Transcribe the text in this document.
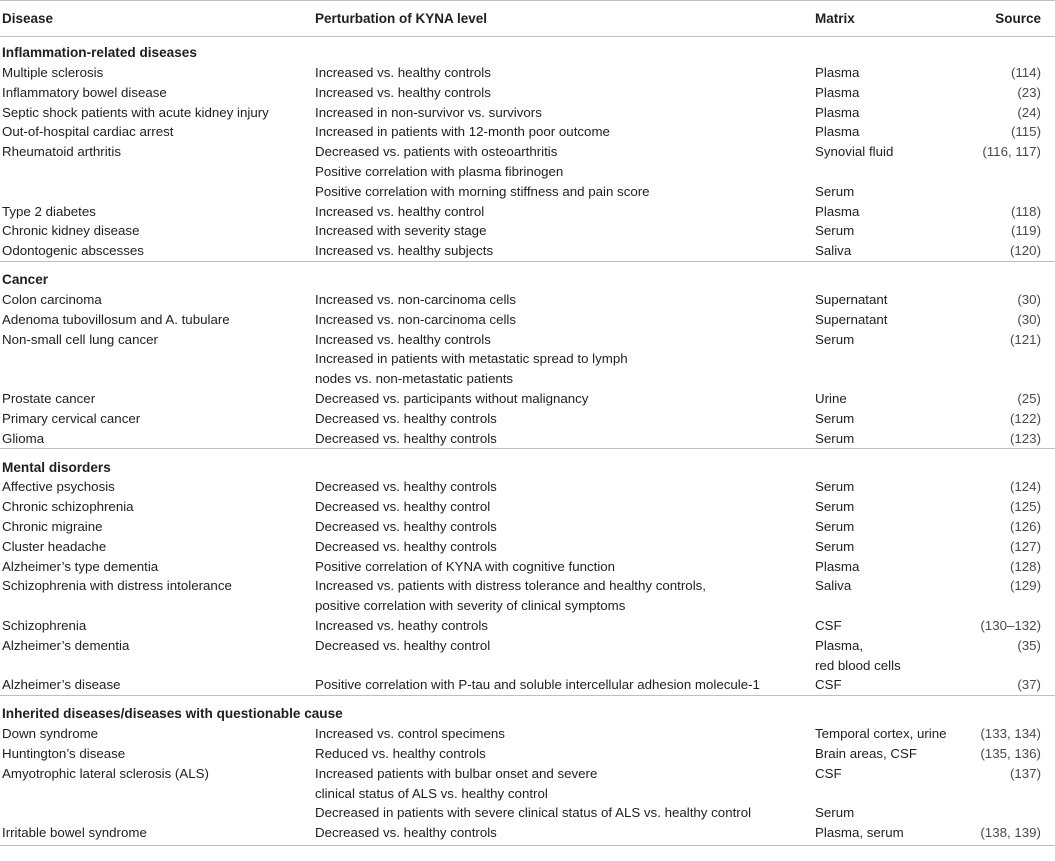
Disease	Perturbation of KYNA level	Matrix	Source
Inflammation-related diseases			
Multiple sclerosis	Increased vs. healthy controls	Plasma	(114)
Inflammatory bowel disease	Increased vs. healthy controls	Plasma	(23)
Septic shock patients with acute kidney injury	Increased in non-survivor vs. survivors	Plasma	(24)
Out-of-hospital cardiac arrest	Increased in patients with 12-month poor outcome	Plasma	(115)
Rheumatoid arthritis	Decreased vs. patients with osteoarthritis	Synovial fluid	(116, 117)
	Positive correlation with plasma fibrinogen		
	Positive correlation with morning stiffness and pain score	Serum	
Type 2 diabetes	Increased vs. healthy control	Plasma	(118)
Chronic kidney disease	Increased with severity stage	Serum	(119)
Odontogenic abscesses	Increased vs. healthy subjects	Saliva	(120)
Cancer			
Colon carcinoma	Increased vs. non-carcinoma cells	Supernatant	(30)
Adenoma tubovillosum and A. tubulare	Increased vs. non-carcinoma cells	Supernatant	(30)
Non-small cell lung cancer	Increased vs. healthy controls	Serum	(121)
	Increased in patients with metastatic spread to lymph		
	nodes vs. non-metastatic patients		
Prostate cancer	Decreased vs. participants without malignancy	Urine	(25)
Primary cervical cancer	Decreased vs. healthy controls	Serum	(122)
Glioma	Decreased vs. healthy controls	Serum	(123)
Mental disorders			
Affective psychosis	Decreased vs. healthy controls	Serum	(124)
Chronic schizophrenia	Decreased vs. healthy control	Serum	(125)
Chronic migraine	Decreased vs. healthy controls	Serum	(126)
Cluster headache	Decreased vs. healthy controls	Serum	(127)
Alzheimer’s type dementia	Positive correlation of KYNA with cognitive function	Plasma	(128)
Schizophrenia with distress intolerance	Increased vs. patients with distress tolerance and healthy controls,	Saliva	(129)
	positive correlation with severity of clinical symptoms		
Schizophrenia	Increased vs. heathy controls	CSF	(130–132)
Alzheimer’s dementia	Decreased vs. healthy control	Plasma,	(35)
		red blood cells	
Alzheimer’s disease	Positive correlation with P-tau and soluble intercellular adhesion molecule-1	CSF	(37)
Inherited diseases/diseases with questionable cause			
Down syndrome	Increased vs. control specimens	Temporal cortex, urine	(133, 134)
Huntington’s disease	Reduced vs. healthy controls	Brain areas, CSF	(135, 136)
Amyotrophic lateral sclerosis (ALS)	Increased patients with bulbar onset and severe	CSF	(137)
	clinical status of ALS vs. healthy control		
	Decreased in patients with severe clinical status of ALS vs. healthy control	Serum	
Irritable bowel syndrome	Decreased vs. healthy controls	Plasma, serum	(138, 139)
